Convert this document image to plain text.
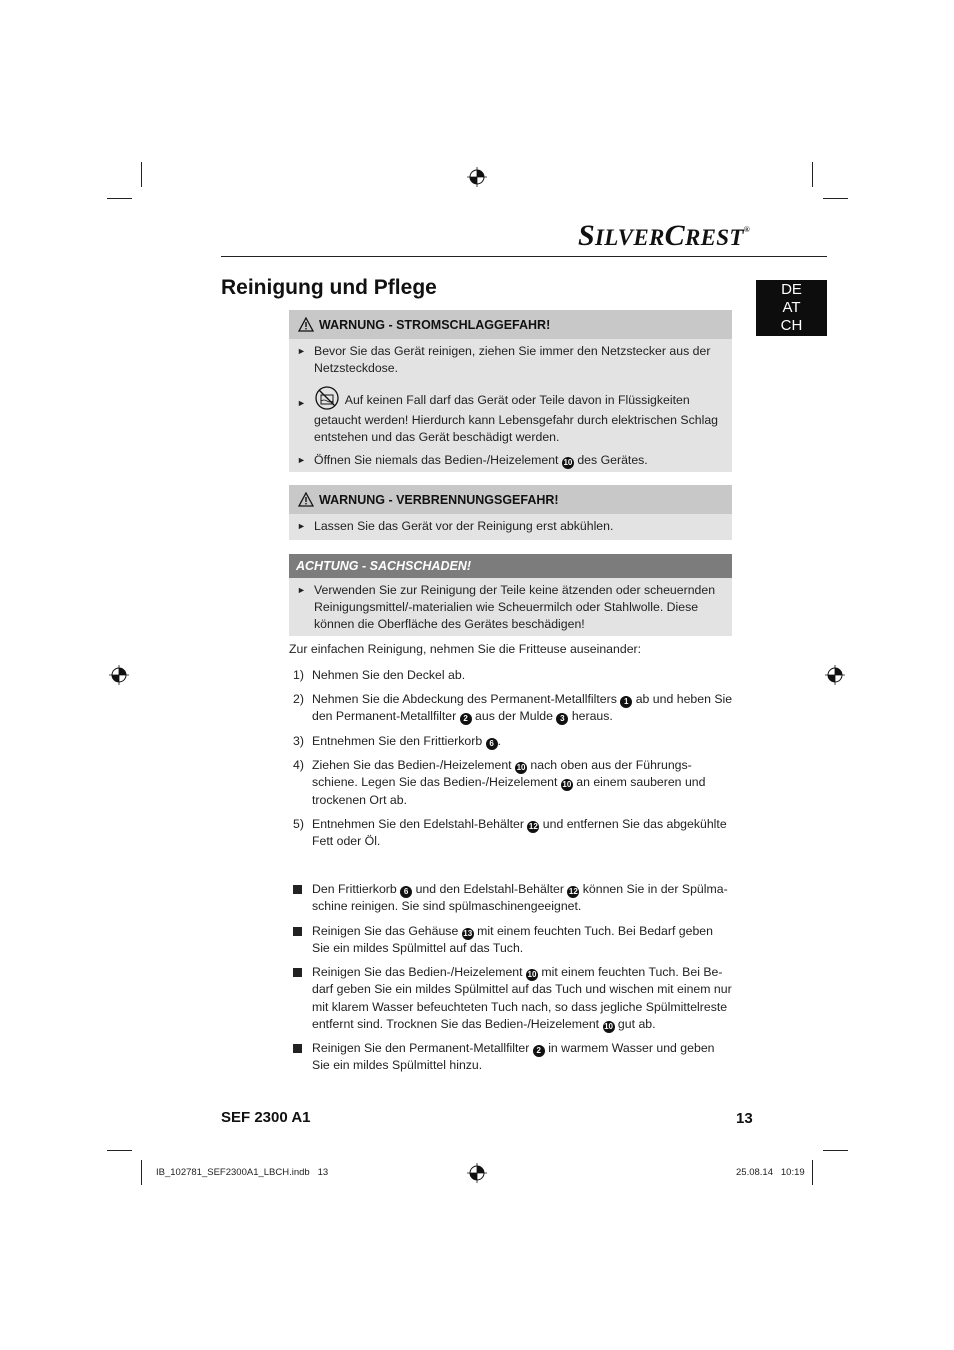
SILVERCREST®
Reinigung und Pflege	DE
AT
CH
WARNUNG - STROMSCHLAGGEFAHR!
► Bevor Sie das Gerät reinigen, ziehen Sie immer den Netzstecker aus der Netzsteckdose.
►	Auf keinen Fall darf das Gerät oder Teile davon in Flüssigkeiten getaucht werden! Hierdurch kann Lebensgefahr durch elektrischen Schlag entstehen und das Gerät beschädigt werden.
► Öffnen Sie niemals das Bedien-/Heizelement 10 des Gerätes.
WARNUNG - VERBRENNUNGSGEFAHR!
► Lassen Sie das Gerät vor der Reinigung erst abkühlen.
ACHTUNG - SACHSCHADEN!
► Verwenden Sie zur Reinigung der Teile keine ätzenden oder scheuernden Reinigungsmittel/-materialien wie Scheuermilch oder Stahlwolle. Diese können die Oberfläche des Gerätes beschädigen!
Zur einfachen Reinigung, nehmen Sie die Fritteuse auseinander:
1) Nehmen Sie den Deckel ab.
2) Nehmen Sie die Abdeckung des Permanent-Metallfilters 1 ab und heben Sie den Permanent-Metallfilter 2 aus der Mulde 3 heraus.
3) Entnehmen Sie den Frittierkorb 6 .
4) Ziehen Sie das Bedien-/Heizelement 10 nach oben aus der Führungs-schiene. Legen Sie das Bedien-/Heizelement 10 an einem sauberen und trockenen Ort ab.
5) Entnehmen Sie den Edelstahl-Behälter 12 und entfernen Sie das abgekühlte Fett oder Öl.
Den Frittierkorb 6 und den Edelstahl-Behälter 12 können Sie in der Spülma-schine reinigen. Sie sind spülmaschinengeeignet.
Reinigen Sie das Gehäuse 13 mit einem feuchten Tuch. Bei Bedarf geben Sie ein mildes Spülmittel auf das Tuch.
Reinigen Sie das Bedien-/Heizelement 10 mit einem feuchten Tuch. Bei Be-darf geben Sie ein mildes Spülmittel auf das Tuch und wischen mit einem nur mit klarem Wasser befeuchteten Tuch nach, so dass jegliche Spülmittelreste entfernt sind. Trocknen Sie das Bedien-/Heizelement 10 gut ab.
Reinigen Sie den Permanent-Metallfilter 2 in warmem Wasser und geben Sie ein mildes Spülmittel hinzu.
SEF 2300 A1	13
IB_102781_SEF2300A1_LBCH.indb   13	25.08.14   10:19
